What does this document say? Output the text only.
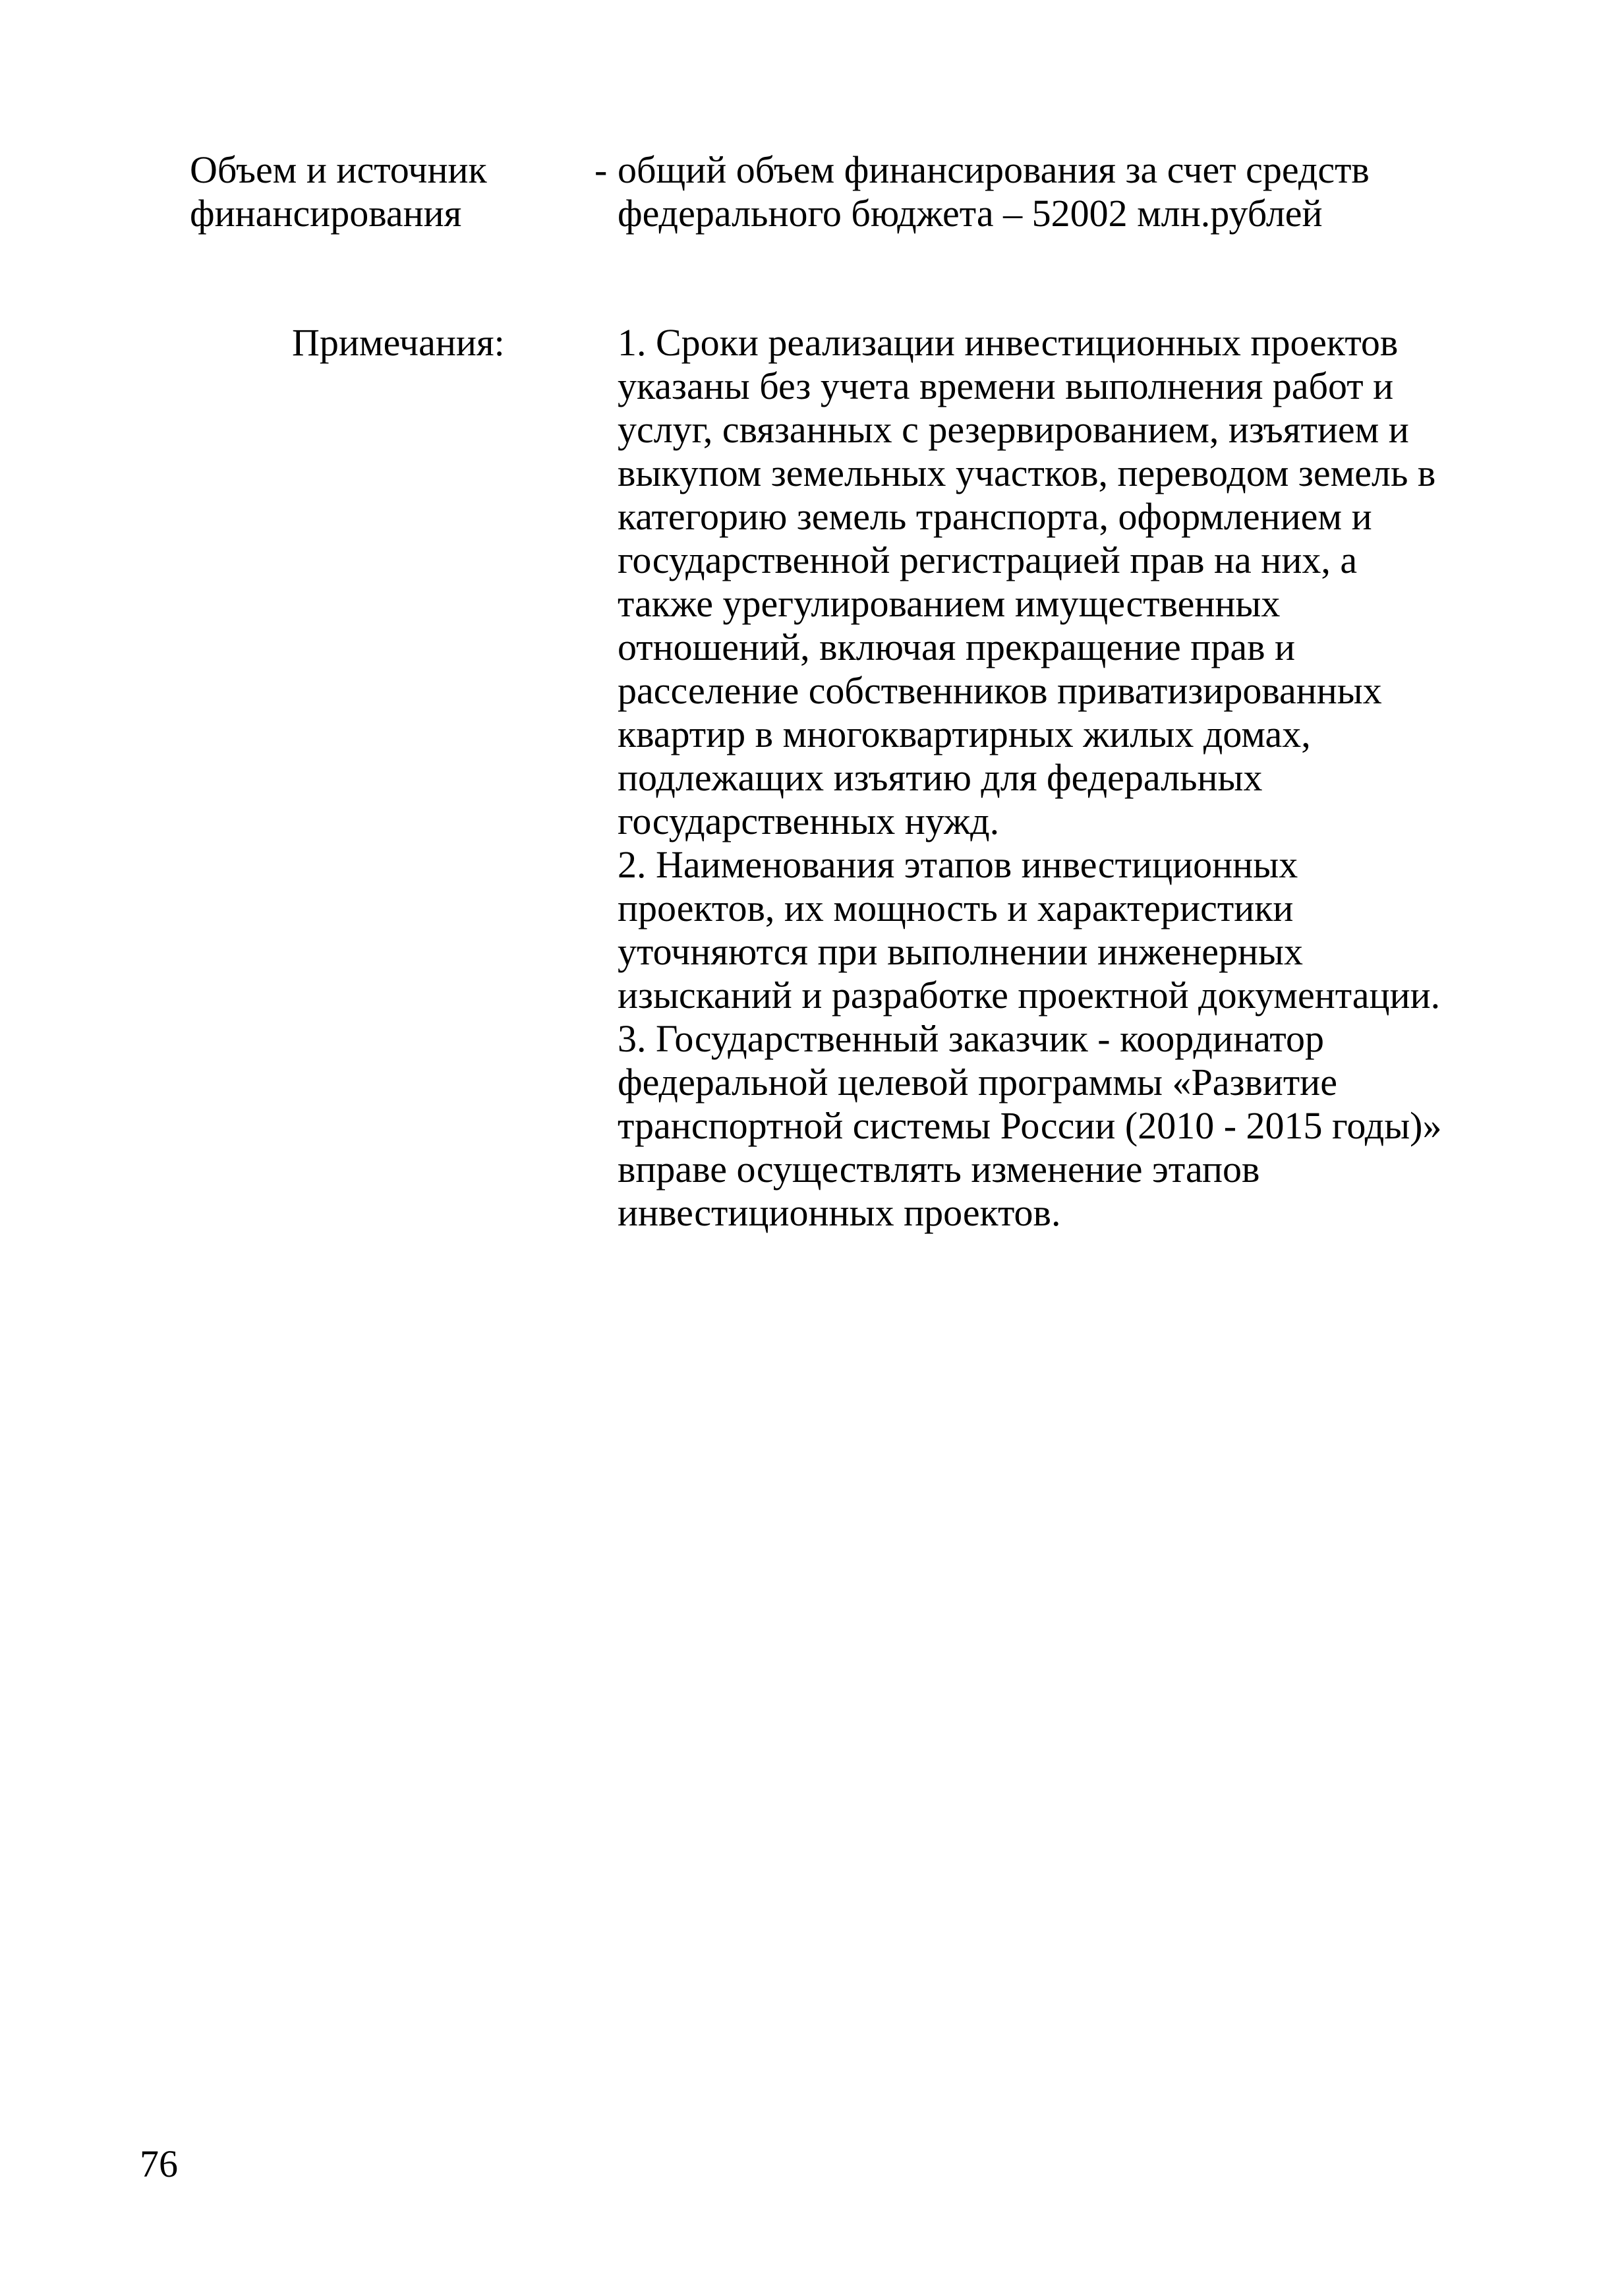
Объем и источник
финансирования
- общий объем финансирования за счет средств
федерального бюджета – 52002 млн.рублей
Примечания:	1. Сроки реализации инвестиционных проектов
указаны без учета времени выполнения работ и
услуг, связанных с резервированием, изъятием и
выкупом земельных участков, переводом земель в
категорию земель транспорта, оформлением и
государственной регистрацией прав на них, а
также урегулированием имущественных
отношений, включая прекращение прав и
расселение собственников приватизированных
квартир в многоквартирных жилых домах,
подлежащих изъятию для федеральных
государственных нужд.
2. Наименования этапов инвестиционных
проектов, их мощность и характеристики
уточняются при выполнении инженерных
изысканий и разработке проектной документации.
3. Государственный заказчик - координатор
федеральной целевой программы «Развитие
транспортной системы России (2010 - 2015 годы)»
вправе осуществлять изменение этапов
инвестиционных проектов.
76
